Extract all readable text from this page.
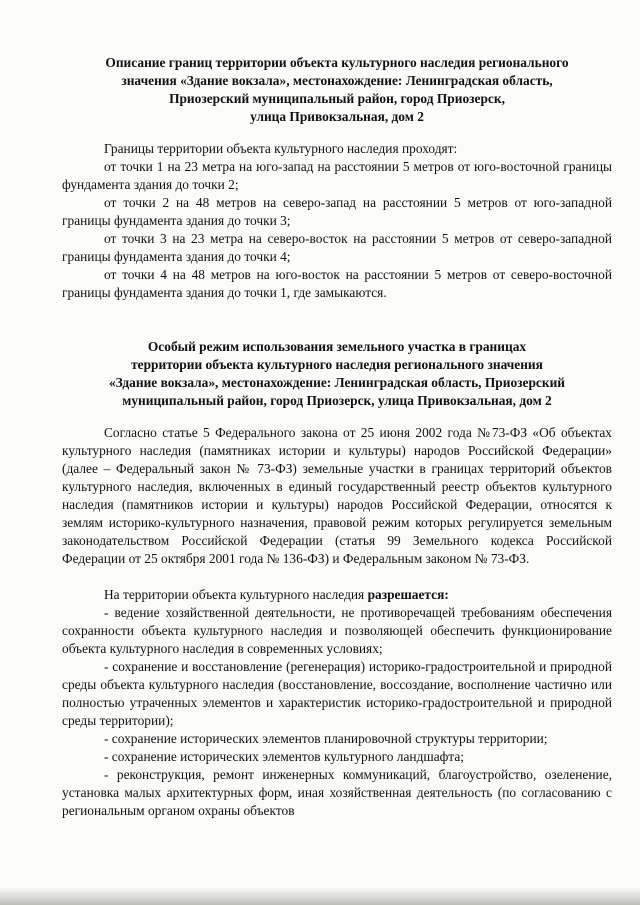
Описание границ территории объекта культурного наследия регионального
значения «Здание вокзала», местонахождение: Ленинградская область,
Приозерский муниципальный район, город Приозерск,
улица Привокзальная, дом 2

Границы территории объекта культурного наследия проходят:

от точки 1 на 23 метра на юго-запад на расстоянии 5 метров от юго-восточной границы фундамента здания до точки 2;

от точки 2 на 48 метров на северо-запад на расстоянии 5 метров от юго-западной границы фундамента здания до точки 3;

от точки 3 на 23 метра на северо-восток на расстоянии 5 метров от северо-западной границы фундамента здания до точки 4;

от точки 4 на 48 метров на юго-восток на расстоянии 5 метров от северо-восточной границы фундамента здания до точки 1, где замыкаются.

Особый режим использования земельного участка в границах
территории объекта культурного наследия регионального значения
«Здание вокзала», местонахождение: Ленинградская область, Приозерский
муниципальный район, город Приозерск, улица Привокзальная, дом 2

Согласно статье 5 Федерального закона от 25 июня 2002 года №73-ФЗ «Об объектах культурного наследия (памятниках истории и культуры) народов Российской Федерации» (далее – Федеральный закон № 73-ФЗ) земельные участки в границах территорий объектов культурного наследия, включенных в единый государственный реестр объектов культурного наследия (памятников истории и культуры) народов Российской Федерации, относятся к землям историко-культурного назначения, правовой режим которых регулируется земельным законодательством Российской Федерации (статья 99 Земельного кодекса Российской Федерации от 25 октября 2001 года № 136-ФЗ) и Федеральным законом № 73-ФЗ.

На территории объекта культурного наследия разрешается:

- ведение хозяйственной деятельности, не противоречащей требованиям обеспечения сохранности объекта культурного наследия и позволяющей обеспечить функционирование объекта культурного наследия в современных условиях;

- сохранение и восстановление (регенерация) историко-градостроительной и природной среды объекта культурного наследия (восстановление, воссоздание, восполнение частично или полностью утраченных элементов и характеристик историко-градостроительной и природной среды территории);

- сохранение исторических элементов планировочной структуры территории;

- сохранение исторических элементов культурного ландшафта;

- реконструкция, ремонт инженерных коммуникаций, благоустройство, озеленение, установка малых архитектурных форм, иная хозяйственная деятельность (по согласованию с региональным органом охраны объектов
